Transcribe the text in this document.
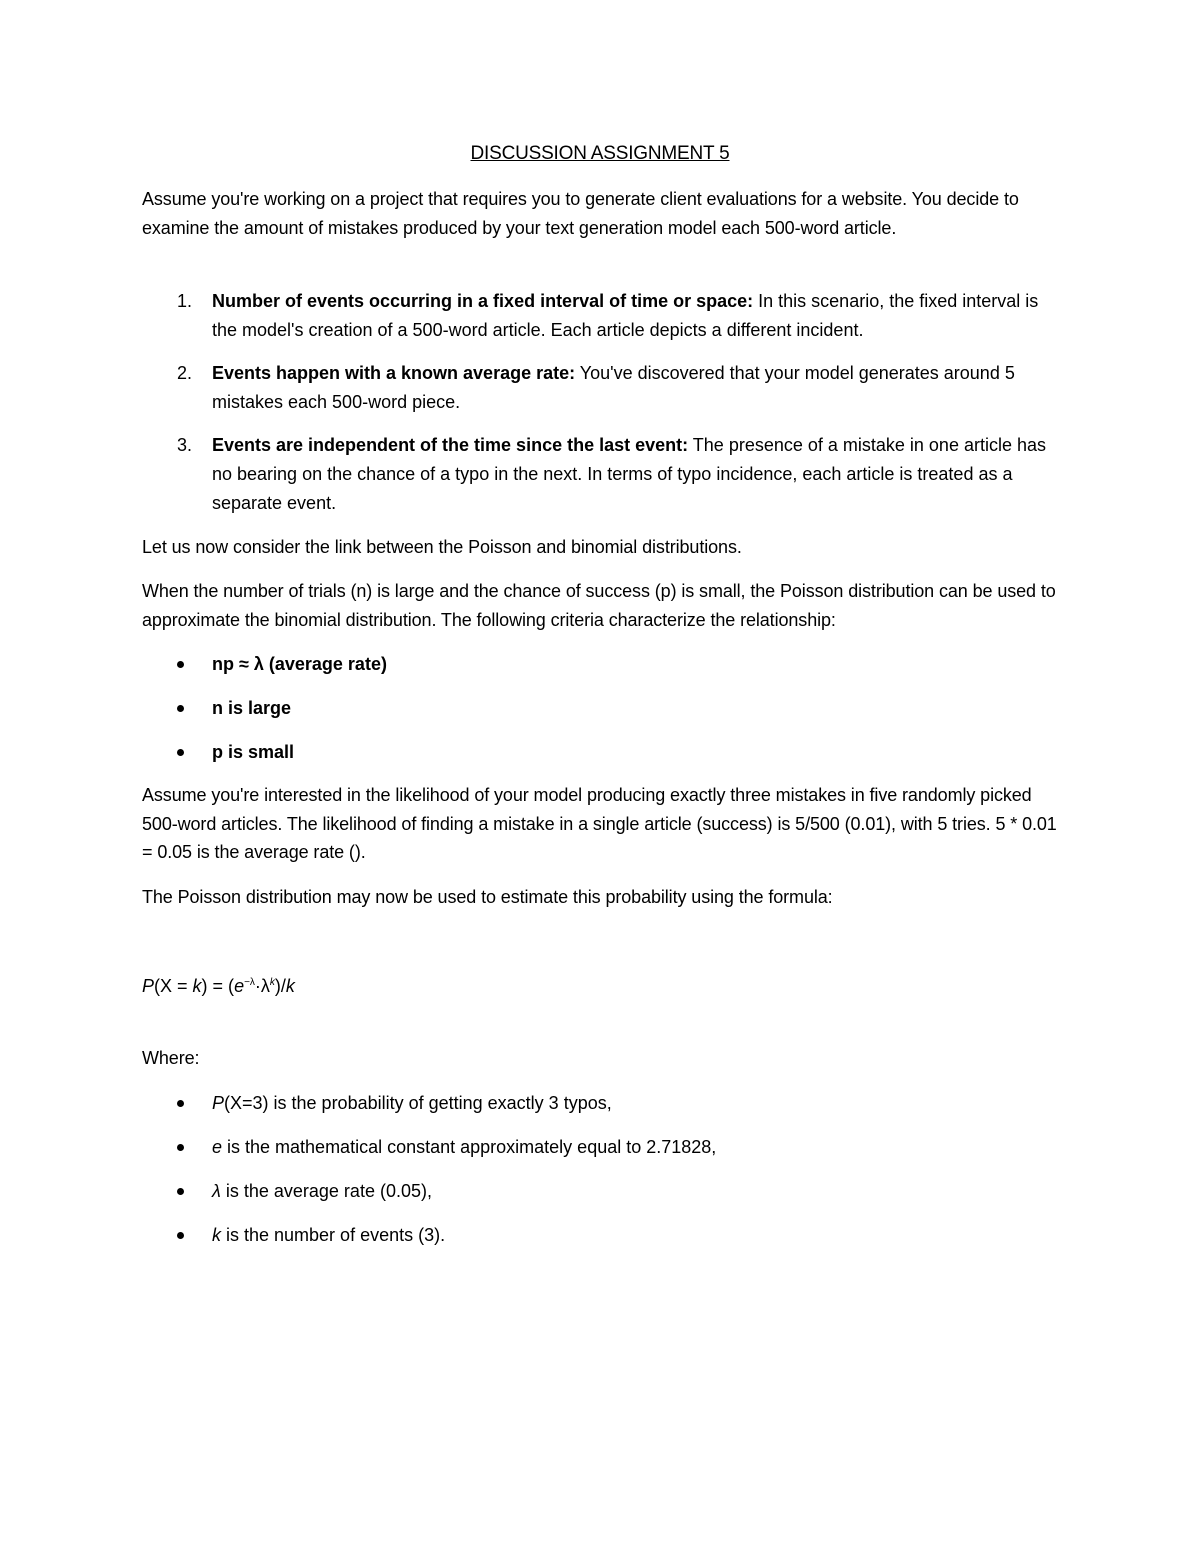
DISCUSSION ASSIGNMENT 5
Assume you're working on a project that requires you to generate client evaluations for a website. You decide to examine the amount of mistakes produced by your text generation model each 500-word article.
1.	Number of events occurring in a fixed interval of time or space: In this scenario, the fixed interval is the model's creation of a 500-word article. Each article depicts a different incident.
2.	Events happen with a known average rate: You've discovered that your model generates around 5 mistakes each 500-word piece.
3.	Events are independent of the time since the last event: The presence of a mistake in one article has no bearing on the chance of a typo in the next. In terms of typo incidence, each article is treated as a separate event.
Let us now consider the link between the Poisson and binomial distributions.
When the number of trials (n) is large and the chance of success (p) is small, the Poisson distribution can be used to approximate the binomial distribution. The following criteria characterize the relationship:
np ≈ λ (average rate)
n is large
p is small
Assume you're interested in the likelihood of your model producing exactly three mistakes in five randomly picked 500-word articles. The likelihood of finding a mistake in a single article (success) is 5/500 (0.01), with 5 tries. 5 * 0.01 = 0.05 is the average rate ().
The Poisson distribution may now be used to estimate this probability using the formula:
$P(X = k) = (e^{-\lambda}\cdot\lambda^k)/k$
Where:
P(X=3) is the probability of getting exactly 3 typos,
e is the mathematical constant approximately equal to 2.71828,
λ is the average rate (0.05),
k is the number of events (3).
